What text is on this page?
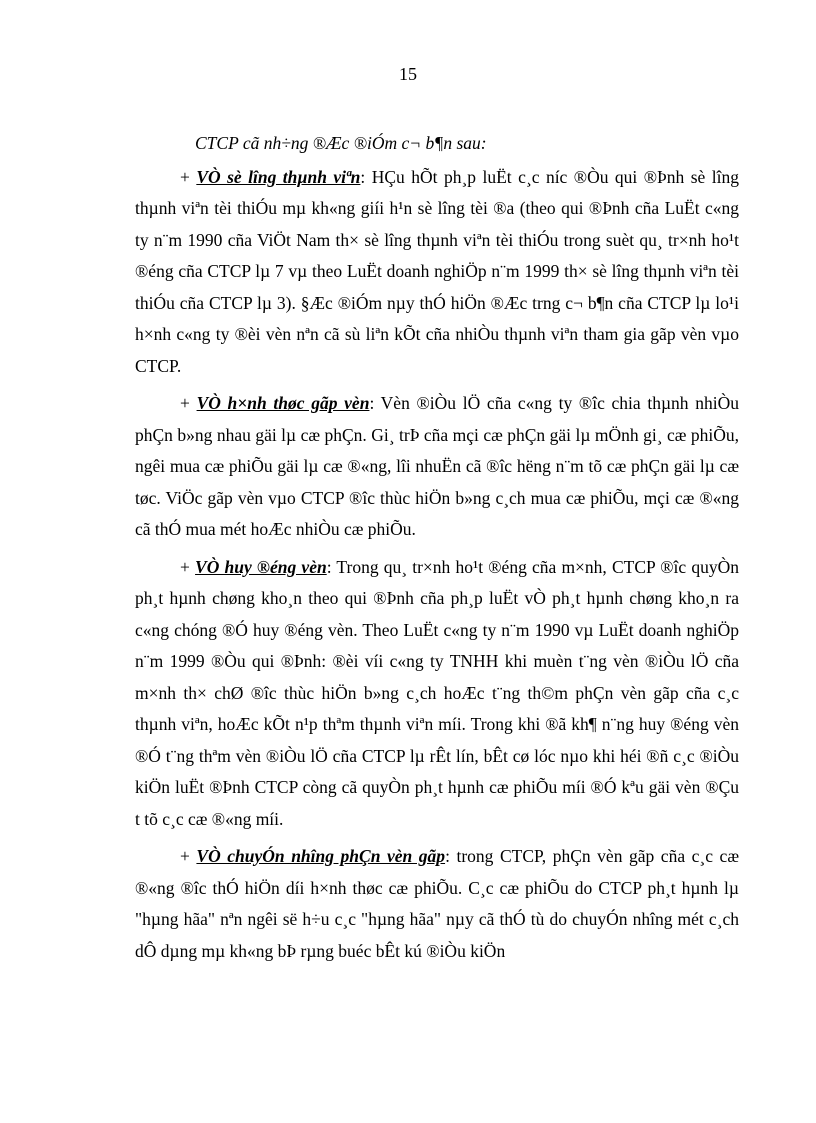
15

CTCP cã nh÷ng ®Æc ®iÓm c¬ b¶n sau:

+ VÒ sè lîng thµnh viªn: HÇu hÕt ph¸p luËt c¸c níc ®Òu qui ®Þnh sè lîng thµnh viªn tèi thiÓu mµ kh«ng giíi h¹n sè lîng tèi ®a (theo qui ®Þnh cña LuËt c«ng ty n¨m 1990 cña ViÖt Nam th× sè lîng thµnh viªn tèi thiÓu trong suèt qu¸ tr×nh ho¹t ®éng cña CTCP lµ 7 vµ theo LuËt doanh nghiÖp n¨m 1999 th× sè lîng thµnh viªn tèi thiÓu cña CTCP lµ 3). §Æc ®iÓm nµy thÓ hiÖn ®Æc trng c¬ b¶n cña CTCP lµ lo¹i h×nh c«ng ty ®èi vèn nªn cã sù liªn kÕt cña nhiÒu thµnh viªn tham gia gãp vèn vµo CTCP.

+ VÒ h×nh thøc gãp vèn: Vèn ®iÒu lÖ cña c«ng ty ®îc chia thµnh nhiÒu phÇn b»ng nhau gäi lµ cæ phÇn. Gi¸ trÞ cña mçi cæ phÇn gäi lµ mÖnh gi¸ cæ phiÕu, ngêi mua cæ phiÕu gäi lµ cæ ®«ng, lîi nhuËn cã ®îc hëng n¨m tõ cæ phÇn gäi lµ cæ tøc. ViÖc gãp vèn vµo CTCP ®îc thùc hiÖn b»ng c¸ch mua cæ phiÕu, mçi cæ ®«ng cã thÓ mua mét hoÆc nhiÒu cæ phiÕu.

+ VÒ huy ®éng vèn: Trong qu¸ tr×nh ho¹t ®éng cña m×nh, CTCP ®îc quyÒn ph¸t hµnh chøng kho¸n theo qui ®Þnh cña ph¸p luËt vÒ ph¸t hµnh chøng kho¸n ra c«ng chóng ®Ó huy ®éng vèn. Theo LuËt c«ng ty n¨m 1990 vµ LuËt doanh nghiÖp n¨m 1999 ®Òu qui ®Þnh: ®èi víi c«ng ty TNHH khi muèn t¨ng vèn ®iÒu lÖ cña m×nh th× chØ ®îc thùc hiÖn b»ng c¸ch hoÆc t¨ng th©m phÇn vèn gãp cña c¸c thµnh viªn, hoÆc kÕt n¹p thªm thµnh viªn míi. Trong khi ®ã kh¶ n¨ng huy ®éng vèn ®Ó t¨ng thªm vèn ®iÒu lÖ cña CTCP lµ rÊt lín, bÊt cø lóc nµo khi héi ®ñ c¸c ®iÒu kiÖn luËt ®Þnh CTCP còng cã quyÒn ph¸t hµnh cæ phiÕu míi ®Ó kªu gäi vèn ®Çu t tõ c¸c cæ ®«ng míi.

+ VÒ chuyÓn nhîng phÇn vèn gãp: trong CTCP, phÇn vèn gãp cña c¸c cæ ®«ng ®îc thÓ hiÖn díi h×nh thøc cæ phiÕu. C¸c cæ phiÕu do CTCP ph¸t hµnh lµ "hµng hãa" nªn ngêi së h÷u c¸c "hµng hãa" nµy cã thÓ tù do chuyÓn nhîng mét c¸ch dÔ dµng mµ kh«ng bÞ rµng buéc bÊt kú ®iÒu kiÖn
